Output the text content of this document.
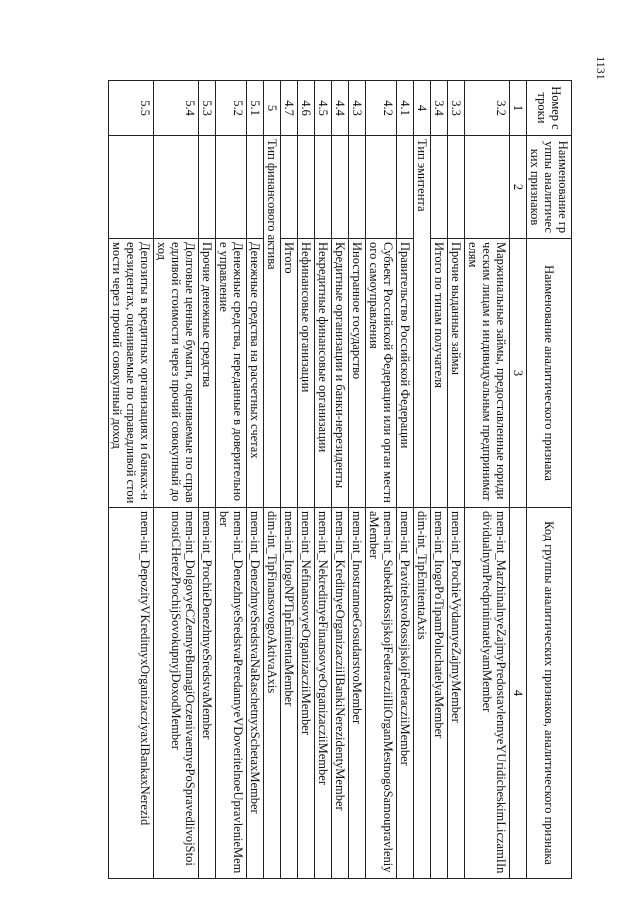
1131
Номер строки	Наименование группы аналитических признаков	Наименование аналитического признака	Код группы аналитических признаков, аналитического признака
1	2	3	4
3.2		Маржинальные займы, предоставленные юридическим лицам и индивидуальным предпринимателям	mem-int_MarzhinalnyeZajmyPredostavlennyeYUridicheskimLiczamIIndividualnymPredprinimatelyamMember
3.3		Прочие выданные займы	mem-int_ProchieVydannyeZajmyMember
3.4		Итого по типам получателя	mem-int_ItogoPoTipamPoluchatelyaMember
4	Тип эмитента		dim-int_TipEmitentaAxis
4.1		Правительство Российской Федерации	mem-int_PravitelstvoRossijskojFederacziiMember
4.2		Субъект Российской Федерации или орган местного самоуправления	mem-int_SubektRossijskojFederacziiIliOrganMestnogoSamoupravleniyaMember
4.3		Иностранное государство	mem-int_InostrannoeGosudarstvoMember
4.4		Кредитные организации и банки-нерезиденты	mem-int_KreditnyeOrganizacziiIBankiNerezidentyMember
4.5		Некредитные финансовые организации	mem-int_NekreditnyeFinansovyeOrganizacziiMember
4.6		Нефинансовые организации	mem-int_NefinansovyeOrganizacziiMember
4.7		Итого	mem-int_ItogoNPTipEmitentaMember
5	Тип финансового актива		dim-int_TipFinansovogoAktivaAxis
5.1		Денежные средства на расчетных счетах	mem-int_DenezhnyeSredstvaNaRaschetnyxSchetaxMember
5.2		Денежные средства, переданные в доверительное управление	mem-int_DenezhnyeSredstvaPeredannyeVDoveritelnoeUpravlenieMember
5.3		Прочие денежные средства	mem-int_ProchieDenezhnyeSredstvaMember
5.4		Долговые ценные бумаги, оцениваемые по справедливой стоимости через прочий совокупный доход	mem-int_DolgovyeCZennyeBumagiOczenivaemyePoSpravedlivojStoimostiCHerezProchijSovokupnyjDoxodMember
5.5		Депозиты в кредитных организациях и банках-нерезидентах, оцениваемые по справедливой стоимости через прочий совокупный доход	mem-int_DepozityVKreditnyxOrganizacziyaxIBankaxNerezid
